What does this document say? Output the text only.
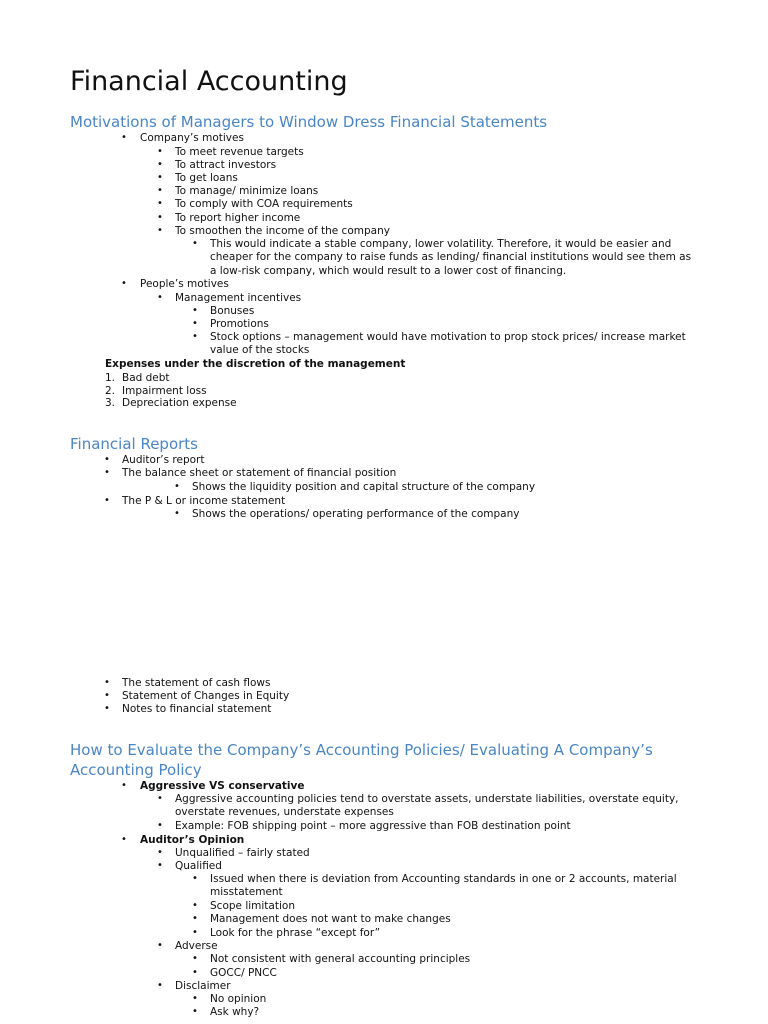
Financial Accounting
Motivations of Managers to Window Dress Financial Statements
• Company’s motives
• To meet revenue targets
• To attract investors
• To get loans
• To manage/ minimize loans
• To comply with COA requirements
• To report higher income
• To smoothen the income of the company
• This would indicate a stable company, lower volatility. Therefore, it would be easier and cheaper for the company to raise funds as lending/ financial institutions would see them as a low-risk company, which would result to a lower cost of financing.
• People’s motives
• Management incentives
• Bonuses
• Promotions
• Stock options – management would have motivation to prop stock prices/ increase market value of the stocks
Expenses under the discretion of the management
1. Bad debt
2. Impairment loss
3. Depreciation expense
Financial Reports
• Auditor’s report
• The balance sheet or statement of financial position
• Shows the liquidity position and capital structure of the company
• The P & L or income statement
• Shows the operations/ operating performance of the company
• The statement of cash flows
• Statement of Changes in Equity
• Notes to financial statement
How to Evaluate the Company’s Accounting Policies/ Evaluating A Company’s Accounting Policy
• Aggressive VS conservative
• Aggressive accounting policies tend to overstate assets, understate liabilities, overstate equity, overstate revenues, understate expenses
• Example: FOB shipping point – more aggressive than FOB destination point
• Auditor’s Opinion
• Unqualified – fairly stated
• Qualified
• Issued when there is deviation from Accounting standards in one or 2 accounts, material misstatement
• Scope limitation
• Management does not want to make changes
• Look for the phrase “except for”
• Adverse
• Not consistent with general accounting principles
• GOCC/ PNCC
• Disclaimer
• No opinion
• Ask why?
